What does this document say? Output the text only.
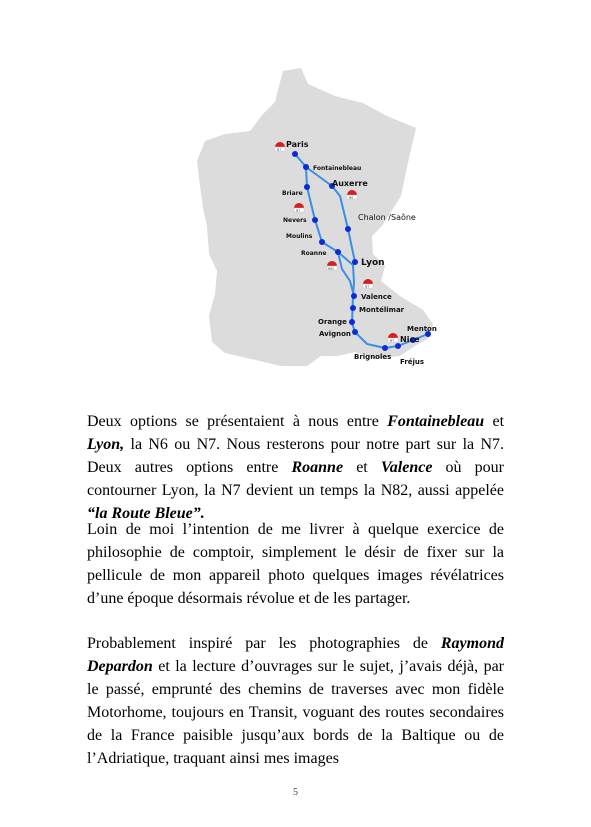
N7
N6
N7
N82
N7
N7
Paris
Fontainebleau
Auxerre
Briare
Chalon /Saône
Nevers
Moulins
Roanne
Lyon
Valence
Montélimar
Orange
Avignon
Menton
Nice
Brignoles
Fréjus
Deux options se présentaient à nous entre Fontainebleau et Lyon, la N6 ou N7. Nous resterons pour notre part sur la N7. Deux autres options entre Roanne et Valence où pour contourner Lyon, la N7 devient un temps la N82, aussi appelée “la Route Bleue”.
Loin de moi l’intention de me livrer à quelque exercice de philosophie de comptoir, simplement le désir de fixer sur la pellicule de mon appareil photo quelques images révélatrices d’une époque désormais révolue et de les partager.
Probablement inspiré par les photographies de Raymond Depardon et la lecture d’ouvrages sur le sujet, j’avais déjà, par le passé, emprunté des chemins de traverses avec mon fidèle Motorhome, toujours en Transit, voguant des routes secondaires de la France paisible jusqu’aux bords de la Baltique ou de l’Adriatique, traquant ainsi mes images
5
